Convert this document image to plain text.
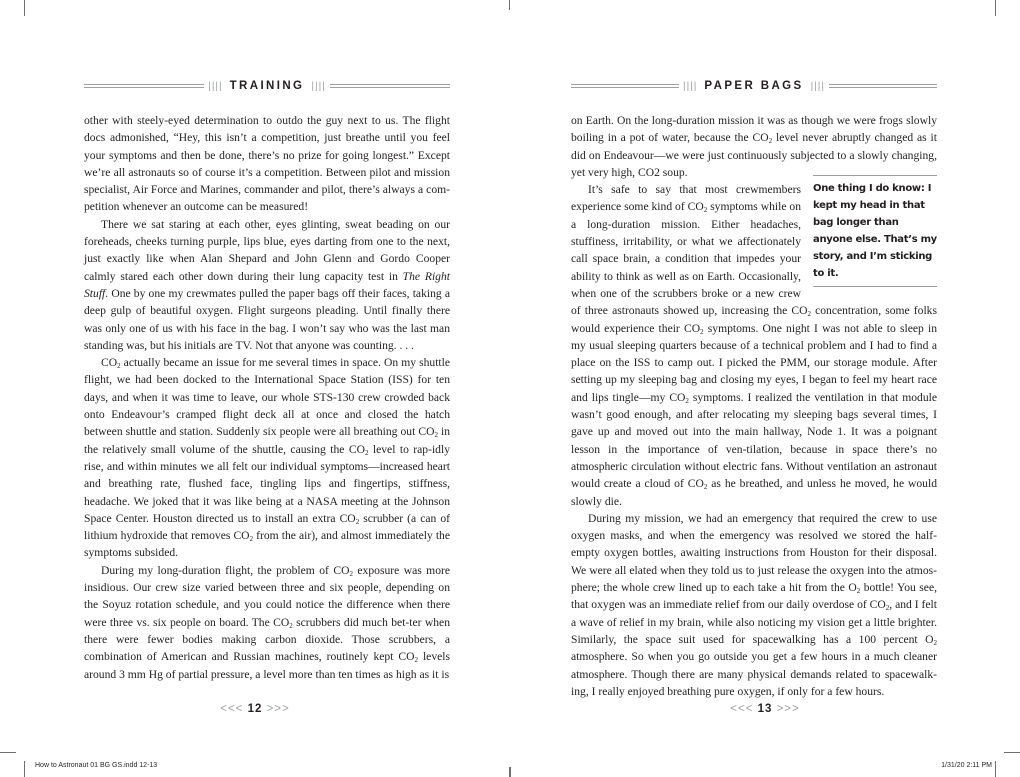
|||| TRAINING ||||

other with steely-eyed determination to outdo the guy next to us. The flight docs admonished, “Hey, this isn’t a competition, just breathe until you feel your symptoms and then be done, there’s no prize for going longest.” Except we’re all astronauts so of course it’s a competition. Between pilot and mission specialist, Air Force and Marines, commander and pilot, there’s always a com-petition whenever an outcome can be measured!

There we sat staring at each other, eyes glinting, sweat beading on our foreheads, cheeks turning purple, lips blue, eyes darting from one to the next, just exactly like when Alan Shepard and John Glenn and Gordo Cooper calmly stared each other down during their lung capacity test in The Right Stuff. One by one my crewmates pulled the paper bags off their faces, taking a deep gulp of beautiful oxygen. Flight surgeons pleading. Until finally there was only one of us with his face in the bag. I won’t say who was the last man standing was, but his initials are TV. Not that anyone was counting. . . .

$CO_2$ actually became an issue for me several times in space. On my shuttle flight, we had been docked to the International Space Station (ISS) for ten days, and when it was time to leave, our whole STS-130 crew crowded back onto Endeavour’s cramped flight deck all at once and closed the hatch between shuttle and station. Suddenly six people were all breathing out $CO_2$ in the relatively small volume of the shuttle, causing the $CO_2$ level to rap-idly rise, and within minutes we all felt our individual symptoms—increased heart and breathing rate, flushed face, tingling lips and fingertips, stiffness, headache. We joked that it was like being at a NASA meeting at the Johnson Space Center. Houston directed us to install an extra $CO_2$ scrubber (a can of lithium hydroxide that removes $CO_2$ from the air), and almost immediately the symptoms subsided.

During my long-duration flight, the problem of $CO_2$ exposure was more insidious. Our crew size varied between three and six people, depending on the Soyuz rotation schedule, and you could notice the difference when there were three vs. six people on board. The $CO_2$ scrubbers did much bet-ter when there were fewer bodies making carbon dioxide. Those scrubbers, a combination of American and Russian machines, routinely kept $CO_2$ levels around 3 mm Hg of partial pressure, a level more than ten times as high as it is

<<< 12 >>>
How to Astronaut 01 BG GS.indd 12-13
|||| PAPER BAGS ||||

on Earth. On the long-duration mission it was as though we were frogs slowly boiling in a pot of water, because the $CO_2$ level never abruptly changed as it did on Endeavour—we were just continuously subjected to a slowly changing, yet very high, CO2 soup.

One thing I do know: I kept my head in that bag longer than anyone else. That’s my story, and I’m sticking to it.

It’s safe to say that most crewmembers experience some kind of $CO_2$ symptoms while on a long-duration mission. Either headaches, stuffiness, irritability, or what we affectionately call space brain, a condition that impedes your ability to think as well as on Earth. Occasionally, when one of the scrubbers broke or a new crew of three astronauts showed up, increasing the $CO_2$ concentration, some folks would experience their $CO_2$ symptoms. One night I was not able to sleep in my usual sleeping quarters because of a technical problem and I had to find a place on the ISS to camp out. I picked the PMM, our storage module. After setting up my sleeping bag and closing my eyes, I began to feel my heart race and lips tingle—my $CO_2$ symptoms. I realized the ventilation in that module wasn’t good enough, and after relocating my sleeping bags several times, I gave up and moved out into the main hallway, Node 1. It was a poignant lesson in the importance of ven-tilation, because in space there’s no atmospheric circulation without electric fans. Without ventilation an astronaut would create a cloud of $CO_2$ as he breathed, and unless he moved, he would slowly die.

During my mission, we had an emergency that required the crew to use oxygen masks, and when the emergency was resolved we stored the half-empty oxygen bottles, awaiting instructions from Houston for their disposal. We were all elated when they told us to just release the oxygen into the atmos-phere; the whole crew lined up to each take a hit from the $O_2$ bottle! You see, that oxygen was an immediate relief from our daily overdose of $CO_2$, and I felt a wave of relief in my brain, while also noticing my vision get a little brighter. Similarly, the space suit used for spacewalking has a 100 percent $O_2$ atmosphere. So when you go outside you get a few hours in a much cleaner atmosphere. Though there are many physical demands related to spacewalk-ing, I really enjoyed breathing pure oxygen, if only for a few hours.

<<< 13 >>>
1/31/20 2:11 PM
